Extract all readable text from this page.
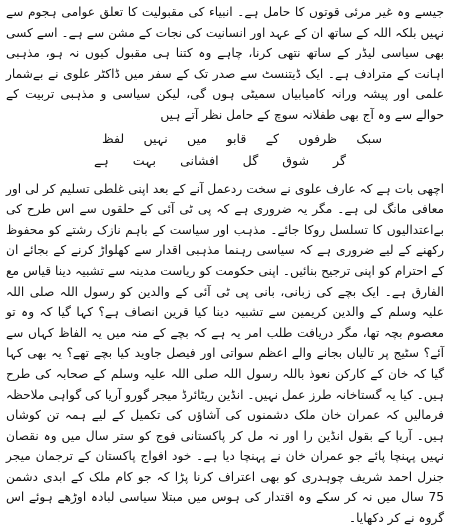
جیسے وہ غیر مرئی قوتوں کا حامل ہے۔ انبیاء کی مقبولیت کا تعلق عوامی ہجوم سے نہیں بلکہ اللہ کے ساتھ ان کے عہد اور انسانیت کی نجات کے مشن سے ہے۔ اسے کسی بھی سیاسی لیڈر کے ساتھ نتھی کرنا، چاہے وہ کتنا ہی مقبول کیوں نہ ہو، مذہبی اہانت کے مترادف ہے۔ ایک ڈیتنسٹ سے صدر تک کے سفر میں ڈاکٹر علوی نے بےشمار علمی اور پیشہ ورانہ کامیابیاں سمیٹی ہوں گی، لیکن سیاسی و مذہبی تربیت کے حوالے سے وہ آج بھی طفلانہ سوچ کے حامل نظر آتے ہیں

سبک
ظرفوں
کے
قابو
میں
نہیں
لفظ
گر
شوق
گل
افشانی
بہت
ہے

اچھی بات ہے کہ عارف علوی نے سخت ردعمل آنے کے بعد اپنی غلطی تسلیم کر لی اور معافی مانگ لی ہے۔ مگر یہ ضروری ہے کہ پی ٹی آئی کے حلقوں سے اس طرح کی بےاعتدالیوں کا تسلسل روکا جائے۔ مذہب اور سیاست کے باہم نازک رشتے کو محفوظ رکھنے کے لیے ضروری ہے کہ سیاسی رہنما مذہبی اقدار سے کھلواڑ کرنے کے بجائے ان کے احترام کو اپنی ترجیح بنائیں۔ اپنی حکومت کو ریاست مدینہ سے تشبیہ دینا قیاس مع الفارق ہے۔ ایک بچے کی زبانی، بانی پی ٹی آئی کے والدین کو رسول اللہ صلی اللہ علیہ وسلم کے والدین کریمین سے تشبیہ دینا کیا قرین انصاف ہے؟ کہا گیا کہ وہ تو معصوم بچہ تھا، مگر دریافت طلب امر یہ ہے کہ بچے کے منہ میں یہ الفاظ کہاں سے آئے؟ سٹیج پر تالیاں بجانے والے اعظم سواتی اور فیصل جاوید کیا بچے تھے؟ یہ بھی کہا گیا کہ خان کے کارکن نعوذ باللہ رسول اللہ صلی اللہ علیہ وسلم کے صحابہ کی طرح ہیں۔ کیا یہ گستاخانہ طرز عمل نہیں۔ انڈین ریٹائرڈ میجر گورو آریا کی گواہی ملاحظہ فرمالیں کہ عمران خان ملک دشمنوں کی آشاؤں کی تکمیل کے لیے ہمہ تن کوشاں ہیں۔ آریا کے بقول انڈین را اور نہ مل کر پاکستانی فوج کو ستر سال میں وہ نقصان نہیں پہنچا پائے جو عمران خان نے پہنچا دیا ہے۔ خود افواج پاکستان کے ترجمان میجر جنرل احمد شریف چوہدری کو بھی اعتراف کرنا پڑا کہ جو کام ملک کے ابدی دشمن 75 سال میں نہ کر سکے وہ اقتدار کی ہوس میں مبتلا سیاسی لبادہ اوڑھے ہوئے اس گروہ نے کر دکھایا۔
